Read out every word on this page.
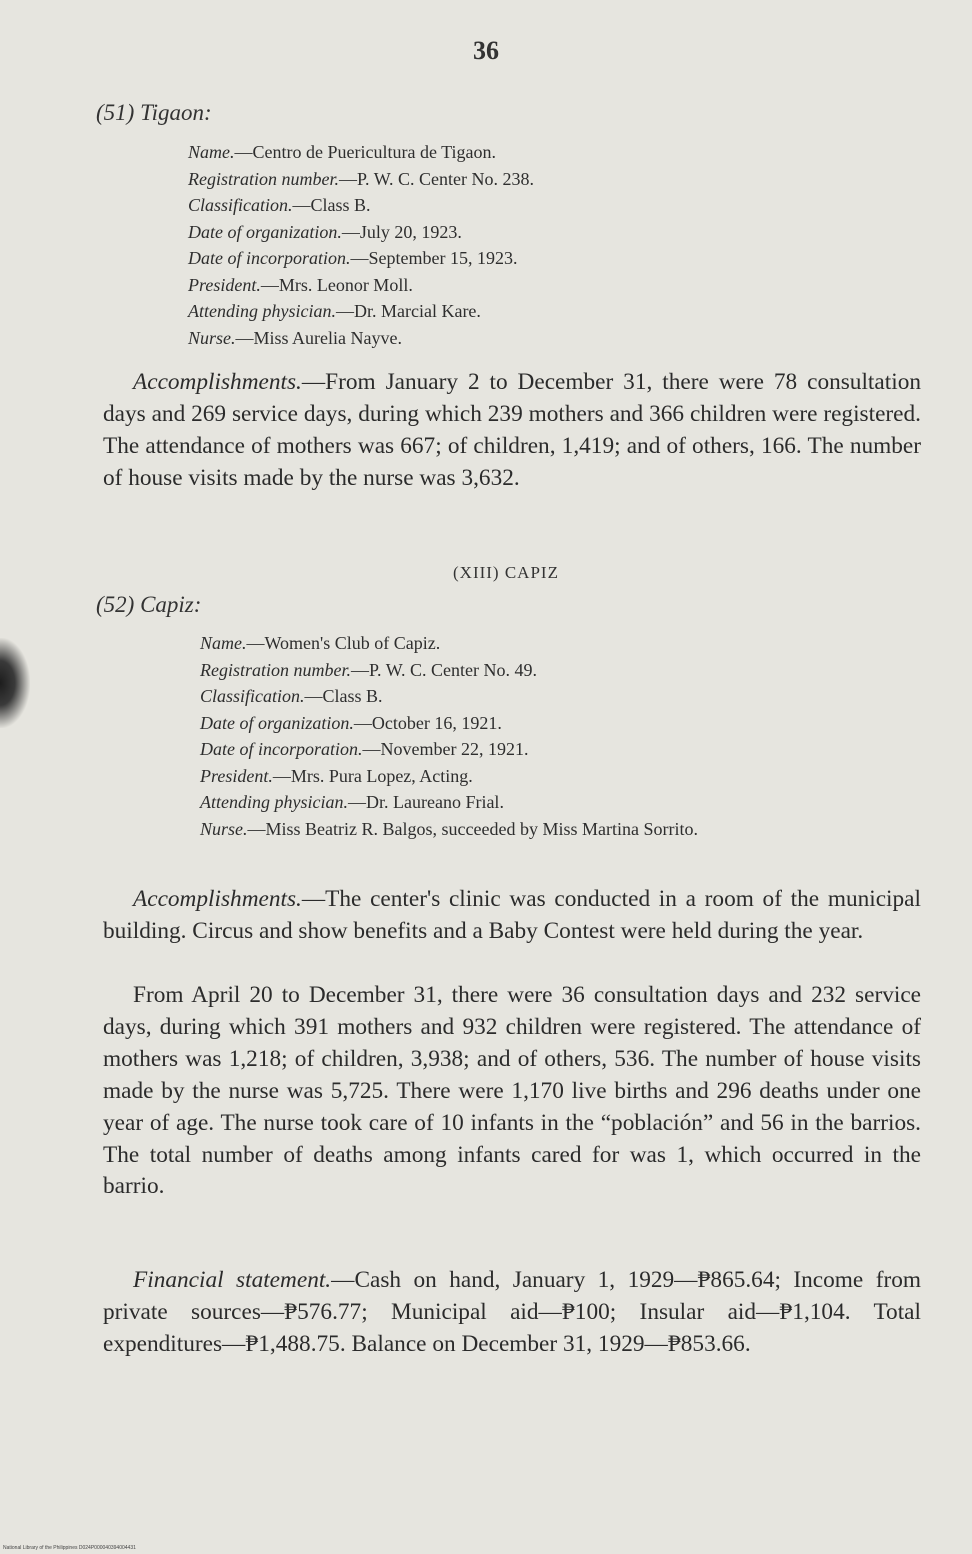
36
(51) Tigaon:
Name.—Centro de Puericultura de Tigaon.
Registration number.—P. W. C. Center No. 238.
Classification.—Class B.
Date of organization.—July 20, 1923.
Date of incorporation.—September 15, 1923.
President.—Mrs. Leonor Moll.
Attending physician.—Dr. Marcial Kare.
Nurse.—Miss Aurelia Nayve.
Accomplishments.—From January 2 to December 31, there were 78 consultation days and 269 service days, during which 239 mothers and 366 children were registered. The attendance of mothers was 667; of children, 1,419; and of others, 166. The number of house visits made by the nurse was 3,632.
(XIII) CAPIZ
(52) Capiz:
Name.—Women's Club of Capiz.
Registration number.—P. W. C. Center No. 49.
Classification.—Class B.
Date of organization.—October 16, 1921.
Date of incorporation.—November 22, 1921.
President.—Mrs. Pura Lopez, Acting.
Attending physician.—Dr. Laureano Frial.
Nurse.—Miss Beatriz R. Balgos, succeeded by Miss Martina Sorrito.
Accomplishments.—The center's clinic was conducted in a room of the municipal building. Circus and show benefits and a Baby Contest were held during the year.
From April 20 to December 31, there were 36 consultation days and 232 service days, during which 391 mothers and 932 children were registered. The attendance of mothers was 1,218; of children, 3,938; and of others, 536. The number of house visits made by the nurse was 5,725. There were 1,170 live births and 296 deaths under one year of age. The nurse took care of 10 infants in the “población” and 56 in the barrios. The total number of deaths among infants cared for was 1, which occurred in the barrio.
Financial statement.—Cash on hand, January 1, 1929—₱865.64; Income from private sources—₱576.77; Municipal aid—₱100; Insular aid—₱1,104. Total expenditures—₱1,488.75. Balance on December 31, 1929—₱853.66.
National Library of the Philippines D024P000040394004431
